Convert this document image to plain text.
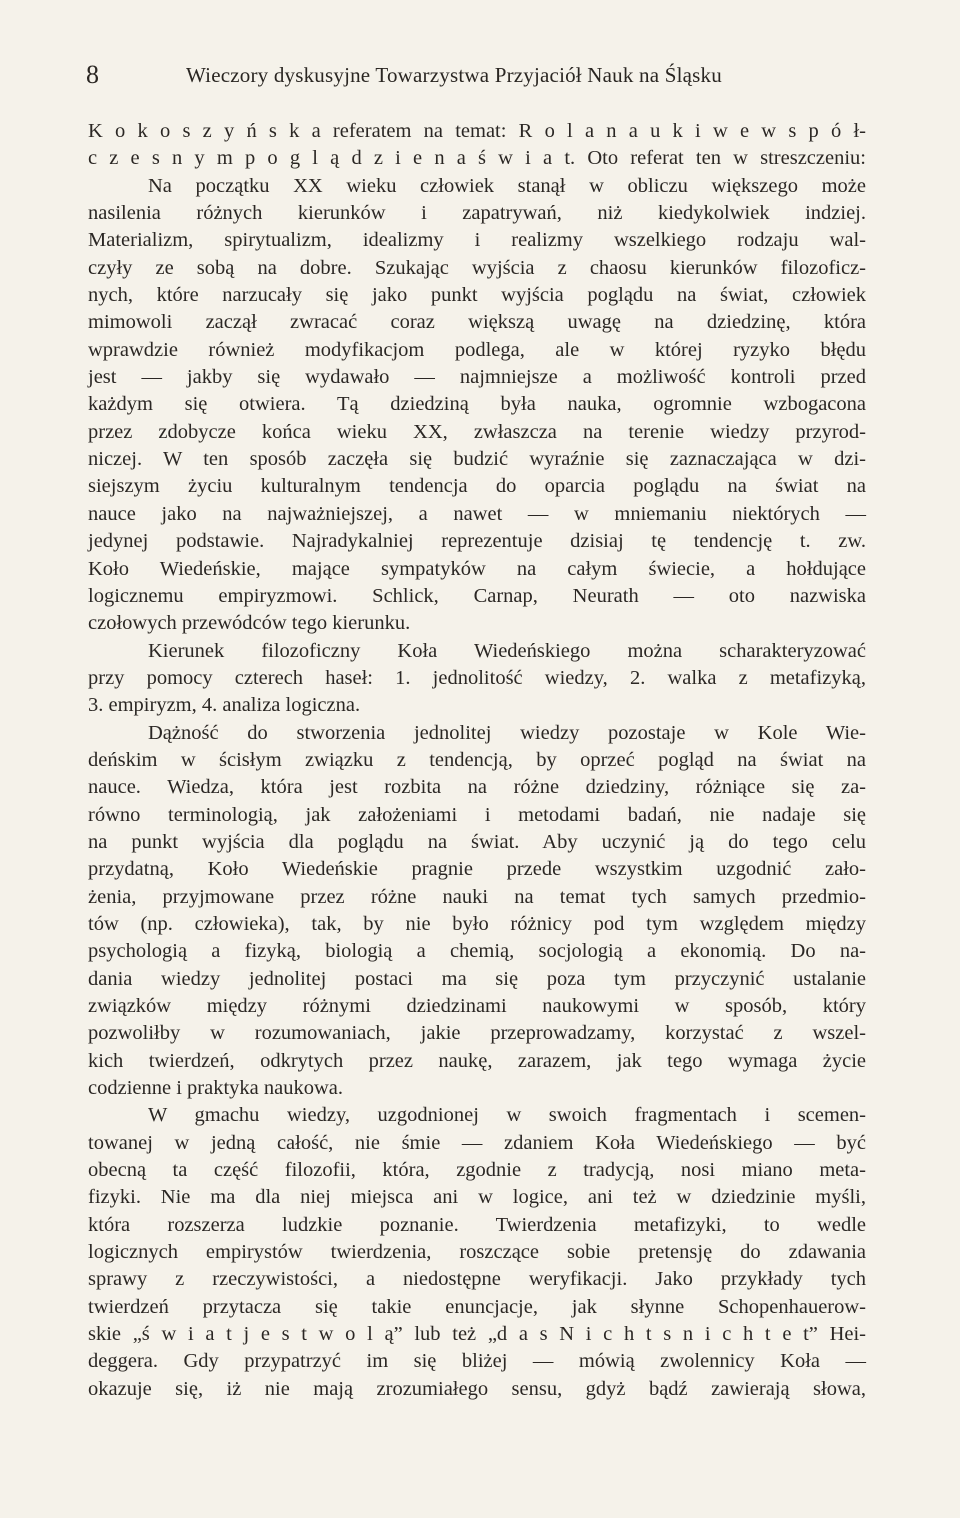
8	Wieczory dyskusyjne Towarzystwa Przyjaciół Nauk na Śląsku
K o k o s z y ń s k a referatem na temat: R o l a n a u k i w e w s p ó ł-
c z e s n y m p o g l ą d z i e n a ś w i a t. Oto referat ten w streszczeniu:
Na początku XX wieku człowiek stanął w obliczu większego może
nasilenia różnych kierunków i zapatrywań, niż kiedykolwiek indziej.
Materializm, spirytualizm, idealizmy i realizmy wszelkiego rodzaju wal-
czyły ze sobą na dobre. Szukając wyjścia z chaosu kierunków filozoficz-
nych, które narzucały się jako punkt wyjścia poglądu na świat, człowiek
mimowoli zaczął zwracać coraz większą uwagę na dziedzinę, która
wprawdzie również modyfikacjom podlega, ale w której ryzyko błędu
jest — jakby się wydawało — najmniejsze a możliwość kontroli przed
każdym się otwiera. Tą dziedziną była nauka, ogromnie wzbogacona
przez zdobycze końca wieku XX, zwłaszcza na terenie wiedzy przyrod-
niczej. W ten sposób zaczęła się budzić wyraźnie się zaznaczająca w dzi-
siejszym życiu kulturalnym tendencja do oparcia poglądu na świat na
nauce jako na najważniejszej, a nawet — w mniemaniu niektórych —
jedynej podstawie. Najradykalniej reprezentuje dzisiaj tę tendencję t. zw.
Koło Wiedeńskie, mające sympatyków na całym świecie, a hołdujące
logicznemu empiryzmowi. Schlick, Carnap, Neurath — oto nazwiska
czołowych przewódców tego kierunku.
Kierunek filozoficzny Koła Wiedeńskiego można scharakteryzować
przy pomocy czterech haseł: 1. jednolitość wiedzy, 2. walka z metafizyką,
3. empiryzm, 4. analiza logiczna.
Dążność do stworzenia jednolitej wiedzy pozostaje w Kole Wie-
deńskim w ścisłym związku z tendencją, by oprzeć pogląd na świat na
nauce. Wiedza, która jest rozbita na różne dziedziny, różniące się za-
równo terminologią, jak założeniami i metodami badań, nie nadaje się
na punkt wyjścia dla poglądu na świat. Aby uczynić ją do tego celu
przydatną, Koło Wiedeńskie pragnie przede wszystkim uzgodnić zało-
żenia, przyjmowane przez różne nauki na temat tych samych przedmio-
tów (np. człowieka), tak, by nie było różnicy pod tym względem między
psychologią a fizyką, biologią a chemią, socjologią a ekonomią. Do na-
dania wiedzy jednolitej postaci ma się poza tym przyczynić ustalanie
związków między różnymi dziedzinami naukowymi w sposób, który
pozwoliłby w rozumowaniach, jakie przeprowadzamy, korzystać z wszel-
kich twierdzeń, odkrytych przez naukę, zarazem, jak tego wymaga życie
codzienne i praktyka naukowa.
W gmachu wiedzy, uzgodnionej w swoich fragmentach i scemen-
towanej w jedną całość, nie śmie — zdaniem Koła Wiedeńskiego — być
obecną ta część filozofii, która, zgodnie z tradycją, nosi miano meta-
fizyki. Nie ma dla niej miejsca ani w logice, ani też w dziedzinie myśli,
która rozszerza ludzkie poznanie. Twierdzenia metafizyki, to wedle
logicznych empirystów twierdzenia, roszczące sobie pretensję do zdawania
sprawy z rzeczywistości, a niedostępne weryfikacji. Jako przykłady tych
twierdzeń przytacza się takie enuncjacje, jak słynne Schopenhauerow-
skie „ś w i a t j e s t w o l ą” lub też „d a s N i c h t s n i c h t e t” Hei-
deggera. Gdy przypatrzyć im się bliżej — mówią zwolennicy Koła —
okazuje się, iż nie mają zrozumiałego sensu, gdyż bądź zawierają słowa,
